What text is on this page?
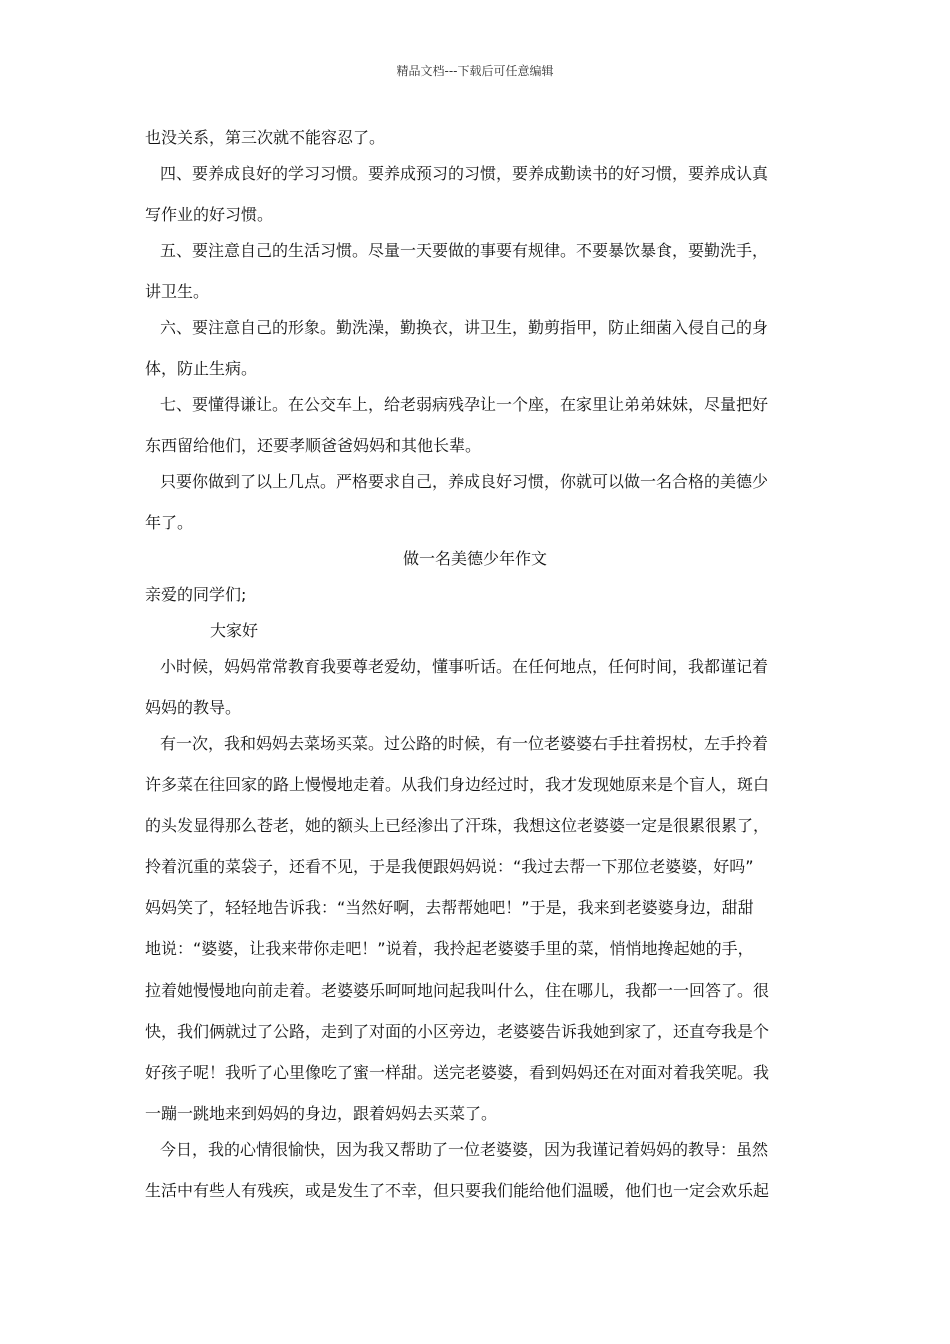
精品文档---下载后可任意编辑
也没关系，第三次就不能容忍了。
四、要养成良好的学习习惯。要养成预习的习惯，要养成勤读书的好习惯，要养成认真
写作业的好习惯。
五、要注意自己的生活习惯。尽量一天要做的事要有规律。不要暴饮暴食，要勤洗手，
讲卫生。
六、要注意自己的形象。勤洗澡，勤换衣，讲卫生，勤剪指甲，防止细菌入侵自己的身
体，防止生病。
七、要懂得谦让。在公交车上，给老弱病残孕让一个座，在家里让弟弟妹妹，尽量把好
东西留给他们，还要孝顺爸爸妈妈和其他长辈。
只要你做到了以上几点。严格要求自己，养成良好习惯，你就可以做一名合格的美德少
年了。
做一名美德少年作文
亲爱的同学们;
大家好
小时候，妈妈常常教育我要尊老爱幼，懂事听话。在任何地点，任何时间，我都谨记着
妈妈的教导。
有一次，我和妈妈去菜场买菜。过公路的时候，有一位老婆婆右手拄着拐杖，左手拎着
许多菜在往回家的路上慢慢地走着。从我们身边经过时，我才发现她原来是个盲人，斑白
的头发显得那么苍老，她的额头上已经渗出了汗珠，我想这位老婆婆一定是很累很累了，
拎着沉重的菜袋子，还看不见，于是我便跟妈妈说：“我过去帮一下那位老婆婆，好吗”
妈妈笑了，轻轻地告诉我：“当然好啊，去帮帮她吧！”于是，我来到老婆婆身边，甜甜
地说：“婆婆，让我来带你走吧！”说着，我拎起老婆婆手里的菜，悄悄地搀起她的手，
拉着她慢慢地向前走着。老婆婆乐呵呵地问起我叫什么，住在哪儿，我都一一回答了。很
快，我们俩就过了公路，走到了对面的小区旁边，老婆婆告诉我她到家了，还直夸我是个
好孩子呢！我听了心里像吃了蜜一样甜。送完老婆婆，看到妈妈还在对面对着我笑呢。我
一蹦一跳地来到妈妈的身边，跟着妈妈去买菜了。
今日，我的心情很愉快，因为我又帮助了一位老婆婆，因为我谨记着妈妈的教导：虽然
生活中有些人有残疾，或是发生了不幸，但只要我们能给他们温暖，他们也一定会欢乐起
